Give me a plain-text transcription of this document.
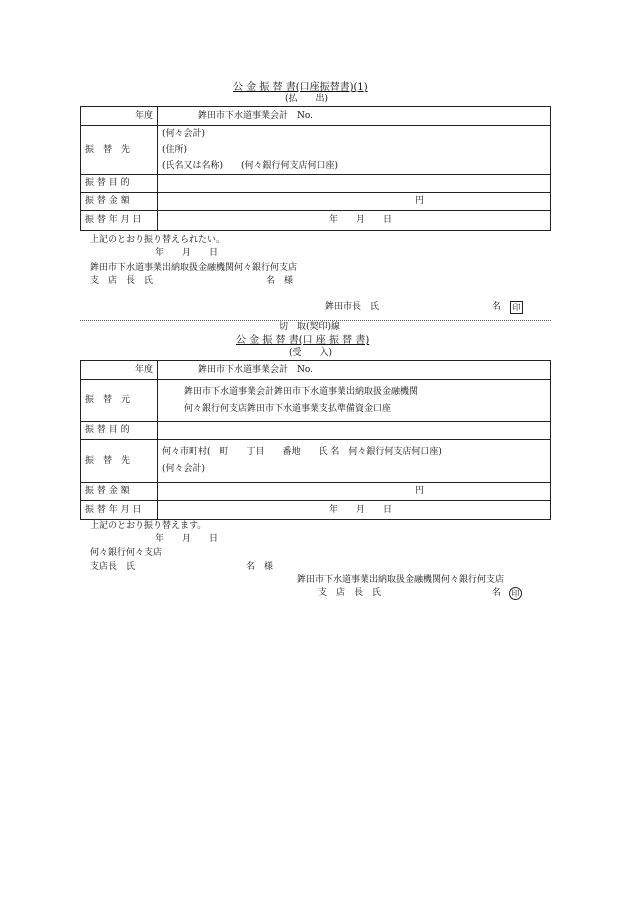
公 金 振 替 書(口座振替書)(1)
(払　　出)
年度	鉾田市下水道事業会計　No.
振　替　先	(何々会計)
(住所)
(氏名又は名称)　　(何々銀行何支店何口座)

振 替 目 的	
振 替 金 額	円
振 替 年 月 日	年　　月　　日
上記のとおり振り替えられたい。
年　　月　　日
鉾田市下水道事業出納取扱金融機関何々銀行何支店
支　店　長　氏	名　様
鉾田市長　氏	名	印
切　取(契印)線
公 金 振 替 書(口 座 振 替 書)
(受　　入)
年度	鉾田市下水道事業会計　No.
振　替　元	鉾田市下水道事業会計鉾田市下水道事業出納取扱金融機関
何々銀行何支店鉾田市下水道事業支払準備資金口座

振 替 目 的	
振　替　先	何々市町村(　町　　丁目　　番地　　氏 名　何々銀行何支店何口座)
(何々会計)

振 替 金 額	円
振 替 年 月 日	年　　月　　日
上記のとおり振り替えます。
年　　月　　日
何々銀行何々支店
支店長　氏	名　様
鉾田市下水道事業出納取扱金融機関何々銀行何支店
支　店　長　氏	名	印
